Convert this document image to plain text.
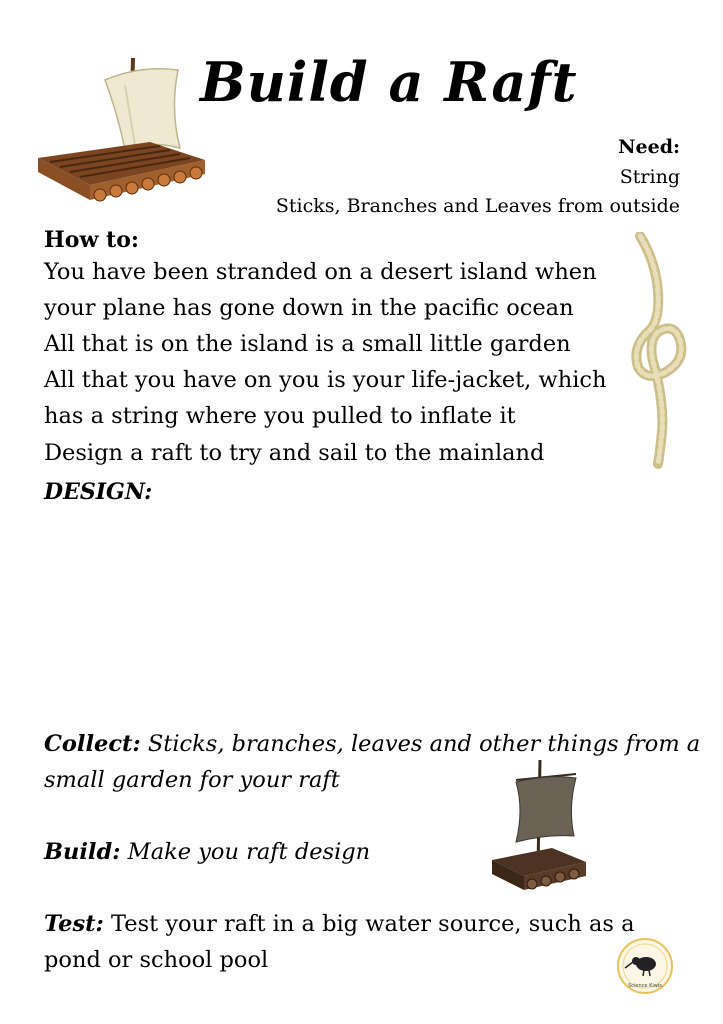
Build a Raft
Need:
String
Sticks, Branches and Leaves from outside
How to:
You have been stranded on a desert island when
your plane has gone down in the pacific ocean
All that is on the island is a small little garden
All that you have on you is your life-jacket, which
has a string where you pulled to inflate it
Design a raft to try and sail to the mainland
DESIGN:
Collect: Sticks, branches, leaves and other things from a
small garden for your raft
Build: Make you raft design
Test: Test your raft in a big water source, such as a
pond or school pool
Science Kiwis
